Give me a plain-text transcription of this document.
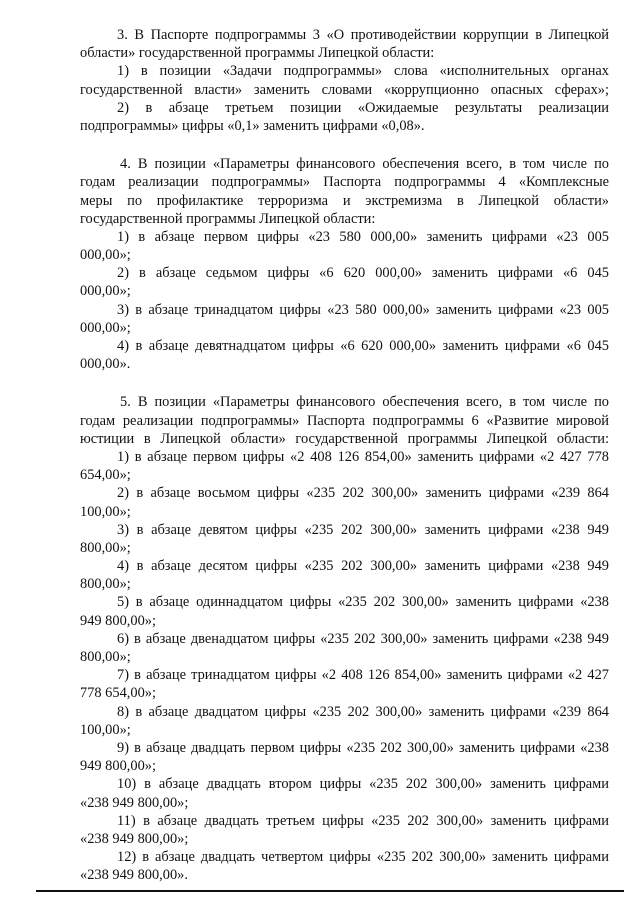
3. В Паспорте подпрограммы 3 «О противодействии коррупции в Липецкой
области» государственной программы Липецкой области:
1) в позиции «Задачи подпрограммы» слова «исполнительных органах
государственной власти» заменить словами «коррупционно опасных сферах»;
2) в абзаце третьем позиции «Ожидаемые результаты реализации
подпрограммы» цифры «0,1» заменить цифрами «0,08».
4. В позиции «Параметры финансового обеспечения всего, в том числе по
годам реализации подпрограммы» Паспорта подпрограммы 4 «Комплексные
меры по профилактике терроризма и экстремизма в Липецкой области»
государственной программы Липецкой области:
1) в абзаце первом цифры «23 580 000,00» заменить цифрами «23 005
000,00»;
2) в абзаце седьмом цифры «6 620 000,00» заменить цифрами «6 045
000,00»;
3) в абзаце тринадцатом цифры «23 580 000,00» заменить цифрами «23 005
000,00»;
4) в абзаце девятнадцатом цифры «6 620 000,00» заменить цифрами «6 045
000,00».
5. В позиции «Параметры финансового обеспечения всего, в том числе по
годам реализации подпрограммы» Паспорта подпрограммы 6 «Развитие мировой
юстиции в Липецкой области» государственной программы Липецкой области:
1) в абзаце первом цифры «2 408 126 854,00» заменить цифрами «2 427 778
654,00»;
2) в абзаце восьмом цифры «235 202 300,00» заменить цифрами «239 864
100,00»;
3) в абзаце девятом цифры «235 202 300,00» заменить цифрами «238 949
800,00»;
4) в абзаце десятом цифры «235 202 300,00» заменить цифрами «238 949
800,00»;
5) в абзаце одиннадцатом цифры «235 202 300,00» заменить цифрами «238
949 800,00»;
6) в абзаце двенадцатом цифры «235 202 300,00» заменить цифрами «238 949
800,00»;
7) в абзаце тринадцатом цифры «2 408 126 854,00» заменить цифрами «2 427
778 654,00»;
8) в абзаце двадцатом цифры «235 202 300,00» заменить цифрами «239 864
100,00»;
9) в абзаце двадцать первом цифры «235 202 300,00» заменить цифрами «238
949 800,00»;
10) в абзаце двадцать втором цифры «235 202 300,00» заменить цифрами
«238 949 800,00»;
11) в абзаце двадцать третьем цифры «235 202 300,00» заменить цифрами
«238 949 800,00»;
12) в абзаце двадцать четвертом цифры «235 202 300,00» заменить цифрами
«238 949 800,00».
